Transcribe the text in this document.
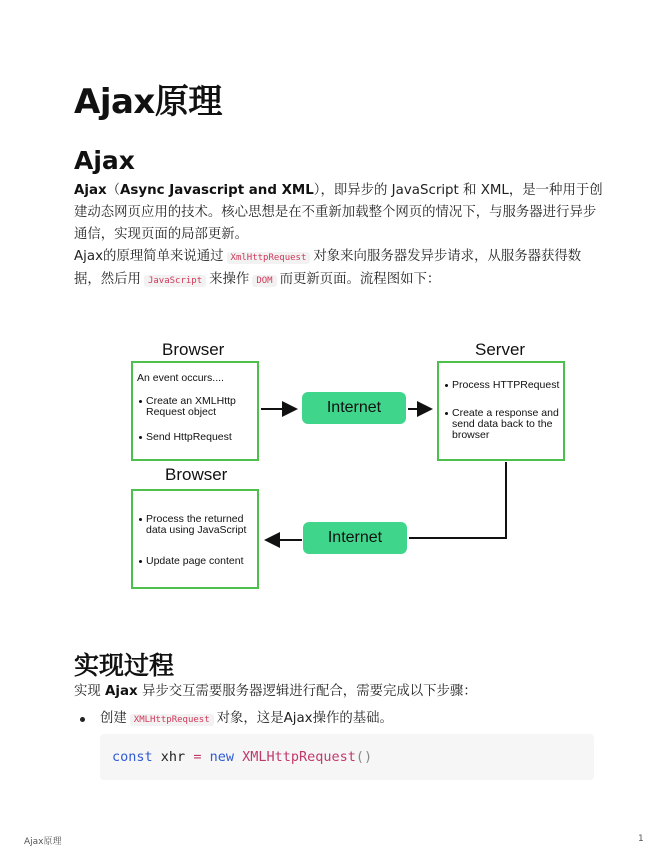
Ajax原理
Ajax

Ajax（Async Javascript and XML），即异步的 JavaScript 和 XML，是一种用于创
建动态网页应用的技术。核心思想是在不重新加载整个网页的情况下，与服务器进行异步
通信，实现页面的局部更新。

Ajax的原理简单来说通过 XmlHttpRequest 对象来向服务器发异步请求，从服务器获得数
据，然后用 JavaScript 来操作 DOM 而更新页面。流程图如下：

实现过程

实现 Ajax 异步交互需要服务器逻辑进行配合，需要完成以下步骤：

创建 XMLHttpRequest 对象，这是Ajax操作的基础。
const xhr = new XMLHttpRequest()
Browser	Server
Browser
An event occurs....
Create an XMLHttp
Request object
Send HttpRequest
Process HTTPRequest
Create a response and
send data back to the
browser
Process the returned
data using JavaScript
Update page content
Internet
Internet
Ajax原理	1
